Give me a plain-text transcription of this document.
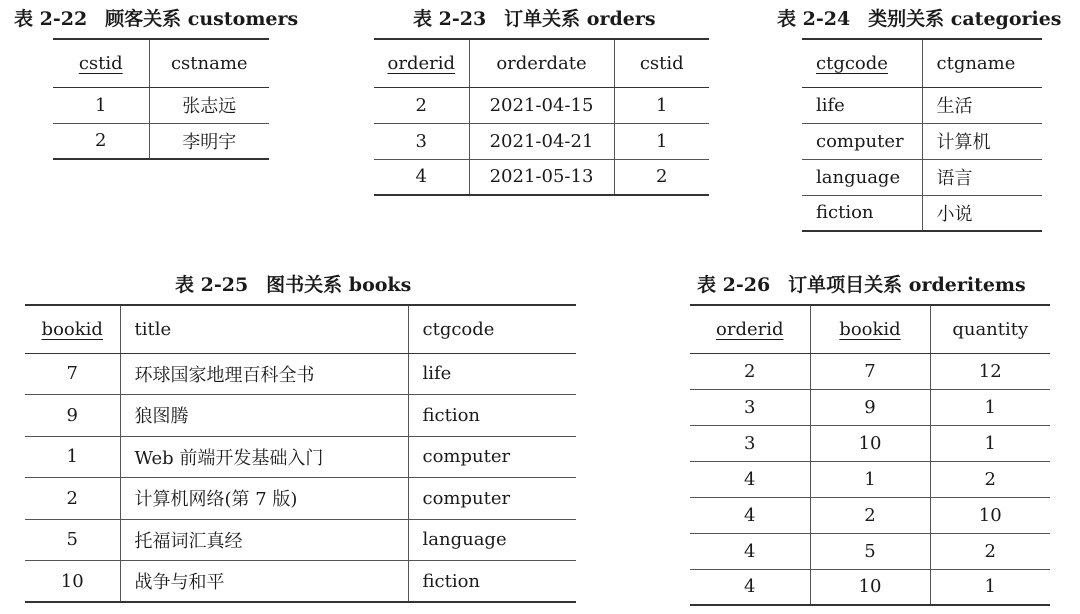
表 2-22 顾客关系 customers
cstid	cstname
1	张志远
2	李明宇
表 2-23 订单关系 orders
orderid	orderdate	cstid
2	2021-04-15	1
3	2021-04-21	1
4	2021-05-13	2
表 2-24 类别关系 categories
ctgcode	ctgname
life	生活
computer	计算机
language	语言
fiction	小说
表 2-25 图书关系 books
bookid	title	ctgcode
7	环球国家地理百科全书	life
9	狼图腾	fiction
1	Web 前端开发基础入门	computer
2	计算机网络(第 7 版)	computer
5	托福词汇真经	language
10	战争与和平	fiction
表 2-26 订单项目关系 orderitems
orderid	bookid	quantity
2	7	12
3	9	1
3	10	1
4	1	2
4	2	10
4	5	2
4	10	1
